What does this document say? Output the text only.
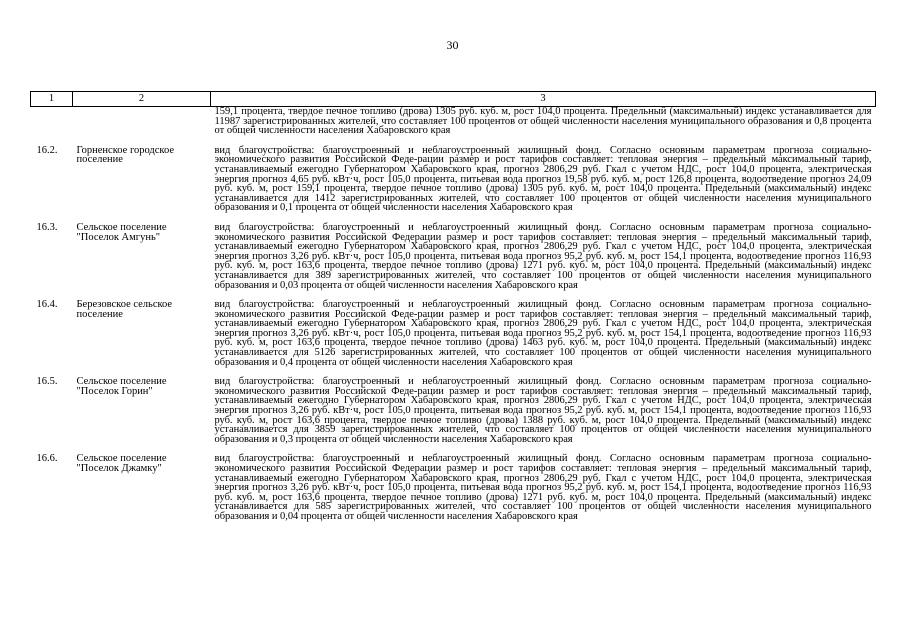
30
1	2	3
		159,1 процента, твердое печное топливо (дрова) 1305 руб. куб. м, рост 104,0 процента. Предельный (максимальный) индекс устанавливается для 11987 зарегистрированных жителей, что составляет 100 процентов от общей численности населения муниципального образования и 0,8 процента от общей численности населения Хабаровского края
16.2.	Горненское городское поселение	вид благоустройства: благоустроенный и неблагоустроенный жилищный фонд. Согласно основным параметрам прогноза социально-экономического развития Российской Феде-рации размер и рост тарифов составляет: тепловая энергия – предельный максимальный тариф, устанавливаемый ежегодно Губернатором Хабаровского края, прогноз 2806,29 руб. Гкал с учетом НДС, рост 104,0 процента, электрическая энергия прогноз 4,65 руб. кВт·ч, рост 105,0 процента, питьевая вода прогноз 19,58 руб. куб. м, рост 126,8 процента, водоотведение прогноз 24,09 руб. куб. м, рост 159,1 процента, твердое печное топливо (дрова) 1305 руб. куб. м, рост 104,0 процента. Предельный (максимальный) индекс устанавливается для 1412 зарегистрированных жителей, что составляет 100 процентов от общей численности населения муниципального образования и 0,1 процента от общей численности населения Хабаровского края
16.3.	Сельское поселение "Поселок Амгунь"	вид благоустройства: благоустроенный и неблагоустроенный жилищный фонд. Согласно основным параметрам прогноза социально-экономического развития Российской Федерации размер и рост тарифов составляет: тепловая энергия – предельный максимальный тариф, устанавливаемый ежегодно Губернатором Хабаровского края, прогноз 2806,29 руб. Гкал с учетом НДС, рост 104,0 процента, электрическая энергия прогноз 3,26 руб. кВт·ч, рост 105,0 процента, питьевая вода прогноз 95,2 руб. куб. м, рост 154,1 процента, водоотведение прогноз 116,93 руб. куб. м, рост 163,6 процента, твердое печное топливо (дрова) 1271 руб. куб. м, рост 104,0 процента. Предельный (максимальный) индекс устанавливается для 389 зарегистрированных жителей, что составляет 100 процентов от общей численности населения муниципального образования и 0,03 процента от общей численности населения Хабаровского края
16.4.	Березовское сельское поселение	вид благоустройства: благоустроенный и неблагоустроенный жилищный фонд. Согласно основным параметрам прогноза социально-экономического развития Российской Феде-рации размер и рост тарифов составляет: тепловая энергия – предельный максимальный тариф, устанавливаемый ежегодно Губернатором Хабаровского края, прогноз 2806,29 руб. Гкал с учетом НДС, рост 104,0 процента, электрическая энергия прогноз 3,26 руб. кВт·ч, рост 105,0 процента, питьевая вода прогноз 95,2 руб. куб. м, рост 154,1 процента, водоотведение прогноз 116,93 руб. куб. м, рост 163,6 процента, твердое печное топливо (дрова) 1463 руб. куб. м, рост 104,0 процента. Предельный (максимальный) индекс устанавливается для 5126 зарегистрированных жителей, что составляет 100 процентов от общей численности населения муниципального образования и 0,4 процента от общей численности населения Хабаровского края
16.5.	Сельское поселение "Поселок Горин"	вид благоустройства: благоустроенный и неблагоустроенный жилищный фонд. Согласно основным параметрам прогноза социально-экономического развития Российской Феде-рации размер и рост тарифов составляет: тепловая энергия – предельный максимальный тариф, устанавливаемый ежегодно Губернатором Хабаровского края, прогноз 2806,29 руб. Гкал с учетом НДС, рост 104,0 процента, электрическая энергия прогноз 3,26 руб. кВт·ч, рост 105,0 процента, питьевая вода прогноз 95,2 руб. куб. м, рост 154,1 процента, водоотведение прогноз 116,93 руб. куб. м, рост 163,6 процента, твердое печное топливо (дрова) 1388 руб. куб. м, рост 104,0 процента. Предельный (максимальный) индекс устанавливается для 3859 зарегистрированных жителей, что составляет 100 процентов от общей численности населения муниципального образования и 0,3 процента от общей численности населения Хабаровского края
16.6.	Сельское поселение "Поселок Джамку"	вид благоустройства: благоустроенный и неблагоустроенный жилищный фонд. Согласно основным параметрам прогноза социально-экономического развития Российской Федерации размер и рост тарифов составляет: тепловая энергия – предельный максимальный тариф, устанавливаемый ежегодно Губернатором Хабаровского края, прогноз 2806,29 руб. Гкал с учетом НДС, рост 104,0 процента, электрическая энергия прогноз 3,26 руб. кВт·ч, рост 105,0 процента, питьевая вода прогноз 95,2 руб. куб. м, рост 154,1 процента, водоотведение прогноз 116,93 руб. куб. м, рост 163,6 процента, твердое печное топливо (дрова) 1271 руб. куб. м, рост 104,0 процента. Предельный (максимальный) индекс устанавливается для 585 зарегистрированных жителей, что составляет 100 процентов от общей численности населения муниципального образования и 0,04 процента от общей численности населения Хабаровского края
